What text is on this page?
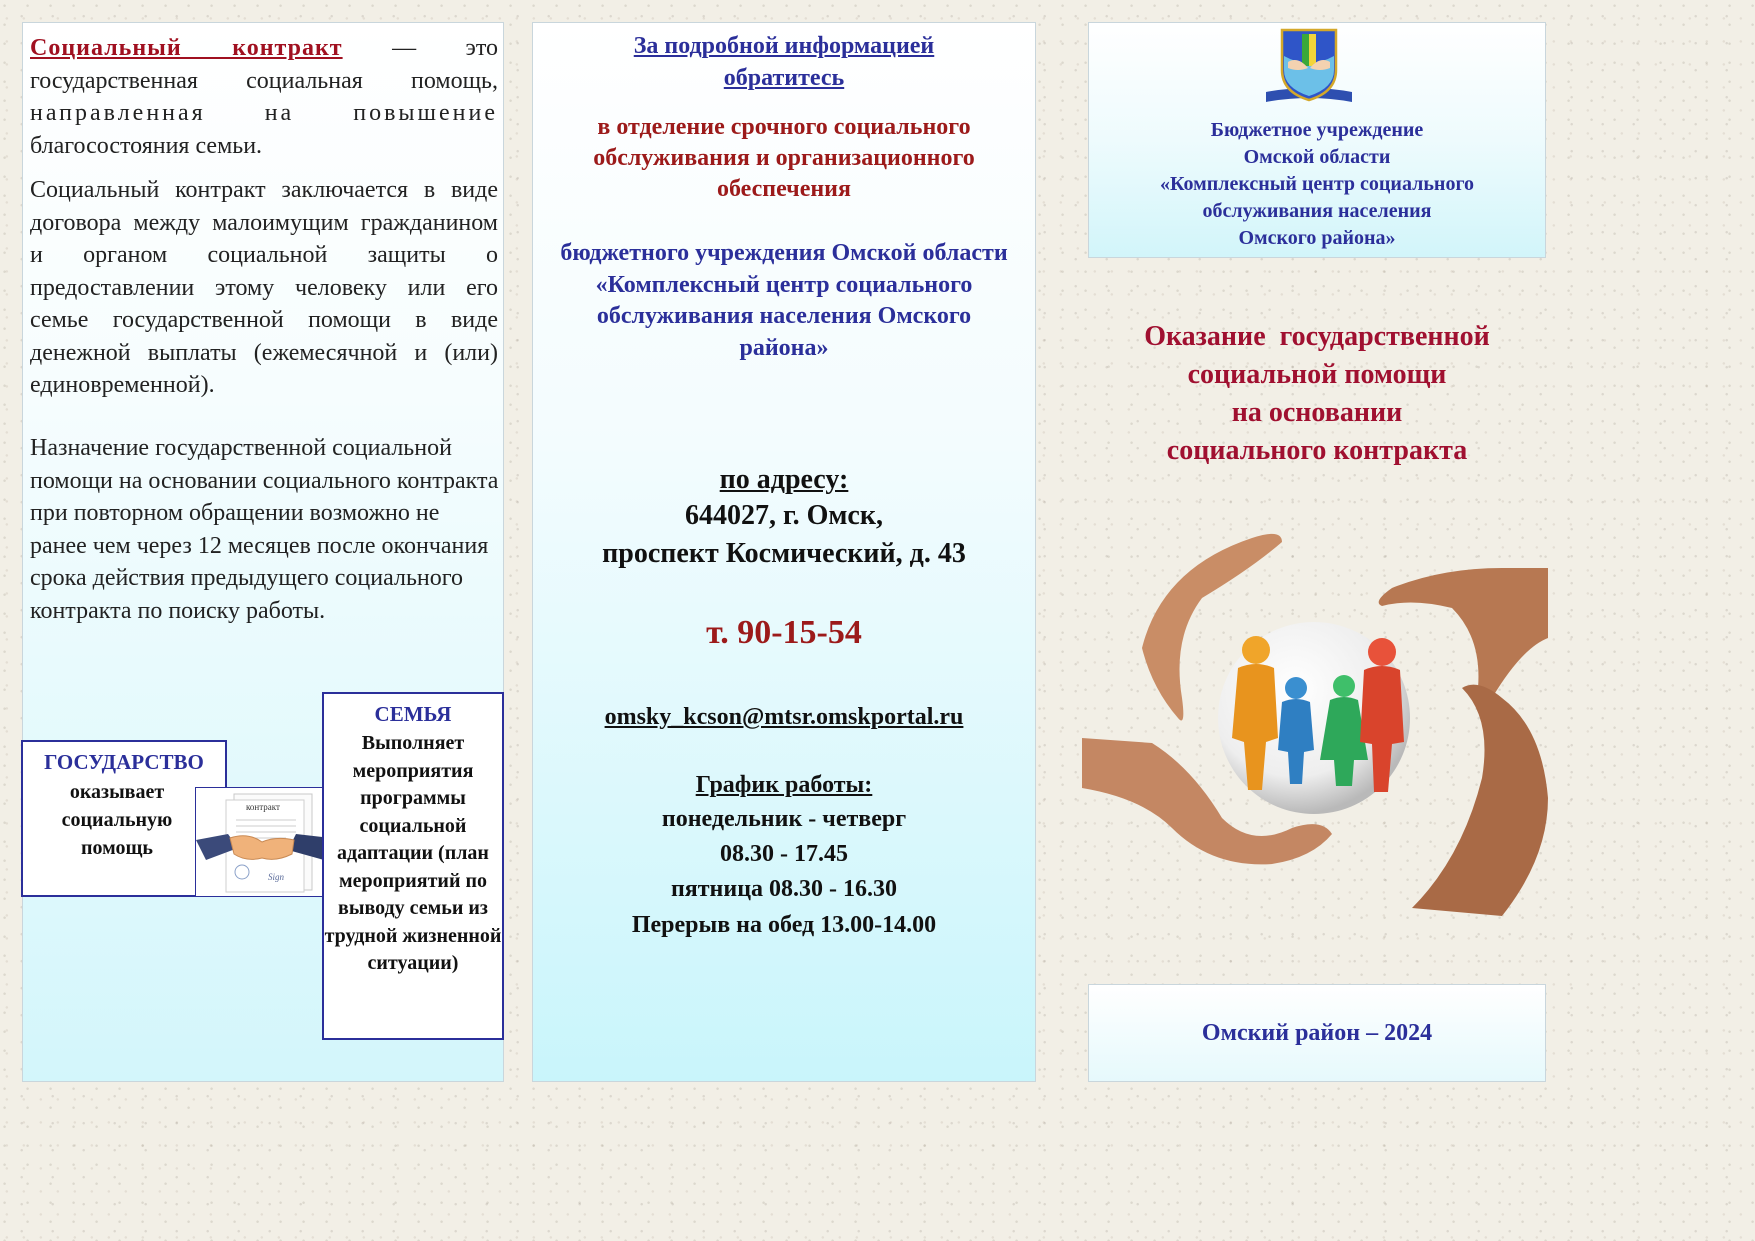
Социальный контракт — это государственная социальная помощь, направленная на повышение благосостояния семьи.
Социальный контракт заключается в виде договора между малоимущим гражданином и органом социальной защиты о предоставлении этому человеку или его семье государственной помощи в виде денежной выплаты (ежемесячной и (или) единовременной).
Назначение государственной социальной помощи на основании социального контракта при повторном обращении возможно не ранее чем через 12 месяцев после окончания срока действия предыдущего социального контракта по поиску работы.
ГОСУДАРСТВО
оказывает социальную помощь
контракт
Sign
СЕМЬЯ
Выполняет мероприятия программы социальной адаптации (план мероприятий по выводу семьи из трудной жизненной ситуации)
За подробной информацией обратитесь
в отделение срочного социального обслуживания и организационного обеспечения
бюджетного учреждения Омской области «Комплексный центр социального обслуживания населения Омского района»
по адресу:
644027, г. Омск,
проспект Космический, д. 43
т. 90-15-54
omsky_kcson@mtsr.omskportal.ru
График работы:
понедельник - четверг
08.30 - 17.45
пятница 08.30 - 16.30
Перерыв на обед 13.00-14.00
Бюджетное учреждение
Омской области
«Комплексный центр социального
обслуживания населения
Омского района»
Оказание  государственной
социальной помощи
на основании
социального контракта
Омский район – 2024
